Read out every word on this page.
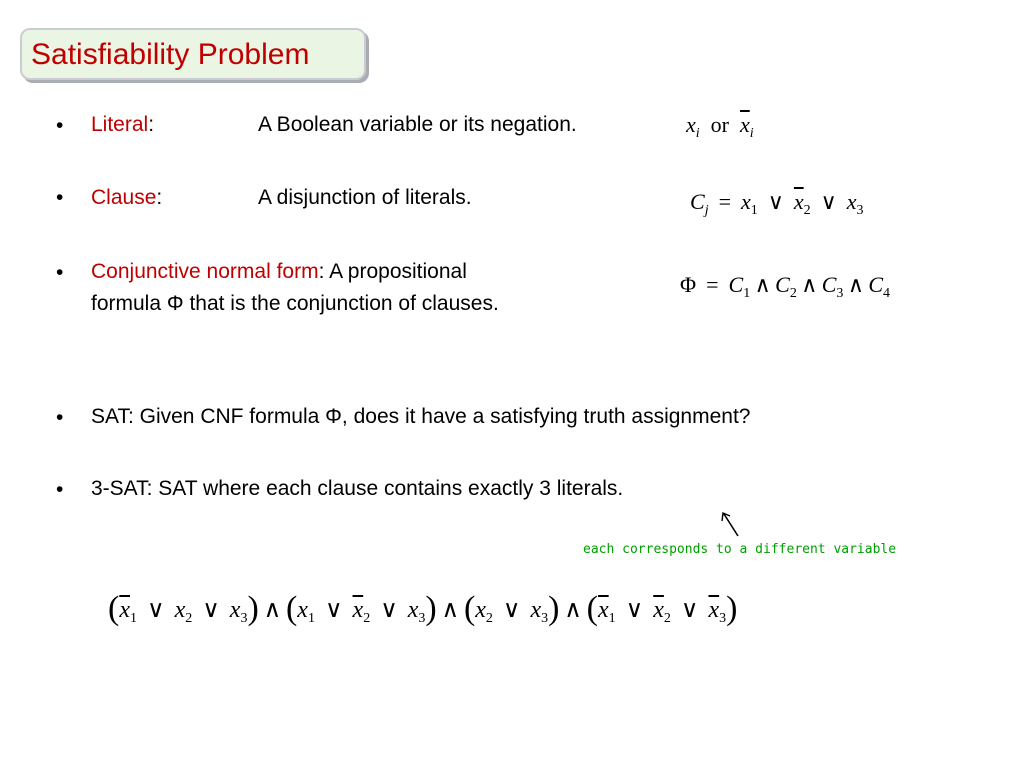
Satisfiability Problem
• Literal:	A Boolean variable or its negation.	$x_i$ or $\overline{x}_i$
• Clause:	A disjunction of literals.	$C_j = x_1$ ∨ $\overline{x}_2$ ∨ $x_3$
• Conjunctive normal form: A propositional
formula Φ that is the conjunction of clauses.
$\Phi = C_1$ ∧ $C_2$ ∧ $C_3$ ∧ $C_4$
• SAT: Given CNF formula Φ, does it have a satisfying truth assignment?
• 3-SAT: SAT where each clause contains exactly 3 literals.
each corresponds to a different variable
($\overline{x}_1$ ∨ $x_2$ ∨ $x_3$) ∧ ($x_1$ ∨ $\overline{x}_2$ ∨ $x_3$) ∧ ($x_2$ ∨ $x_3$) ∧ ($\overline{x}_1$ ∨ $\overline{x}_2$ ∨ $\overline{x}_3$)
